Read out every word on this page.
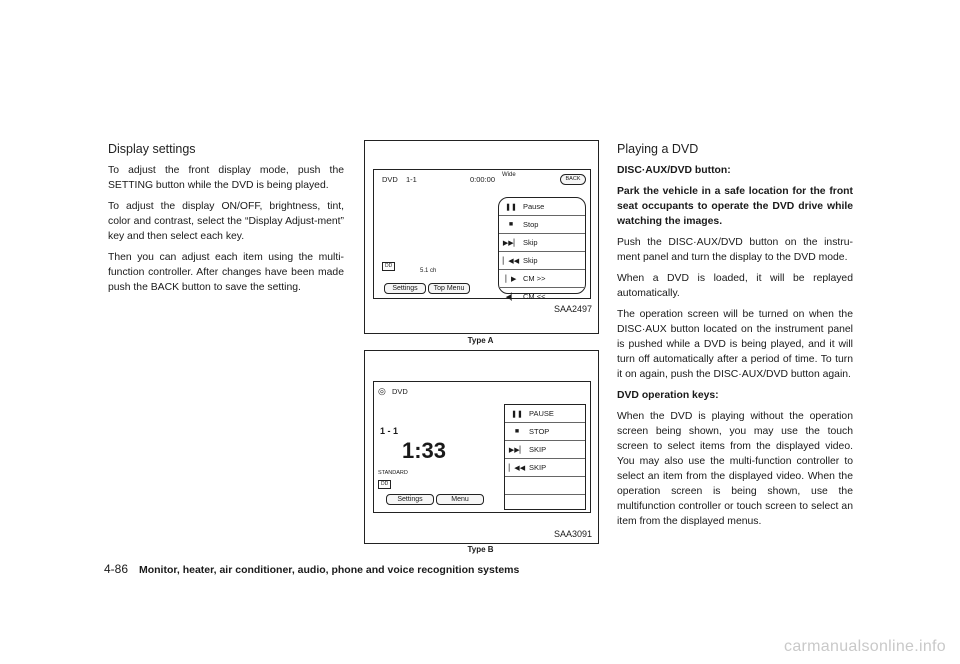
Display settings

To adjust the front display mode, push the SETTING button while the DVD is being played.

To adjust the display ON/OFF, brightness, tint, color and contrast, select the “Display Adjust-ment” key and then select each key.

Then you can adjust each item using the multi-function controller. After changes have been made push the BACK button to save the setting.

DVD 1-1	0:00:00 Wide
BACK
❚❚ Pause
■	Stop
▶▶▏ Skip
▏◀◀ Skip
▏▶ CM >>
◀▏ CM <<
DD
5.1 ch
Settings	Top Menu
SAA2497
Type A
◎ DVD
1 - 1
1:33
STANDARD
DD
❚❚ PAUSE
■	STOP
▶▶▏ SKIP
▏◀◀ SKIP
Settings	Menu
SAA3091
Type B
Playing a DVD

DISC·AUX/DVD button:

Park the vehicle in a safe location for the front seat occupants to operate the DVD drive while watching the images.

Push the DISC·AUX/DVD button on the instru-ment panel and turn the display to the DVD mode.

When a DVD is loaded, it will be replayed automatically.

The operation screen will be turned on when the DISC·AUX button located on the instrument panel is pushed while a DVD is being played, and it will turn off automatically after a period of time. To turn it on again, push the DISC·AUX/DVD button again.

DVD operation keys:

When the DVD is playing without the operation screen being shown, you may use the touch screen to select items from the displayed video. You may also use the multi-function controller to select an item from the displayed video. When the operation screen is being shown, use the multifunction controller or touch screen to select an item from the displayed menus.

4-86 Monitor, heater, air conditioner, audio, phone and voice recognition systems
carmanualsonline.info
